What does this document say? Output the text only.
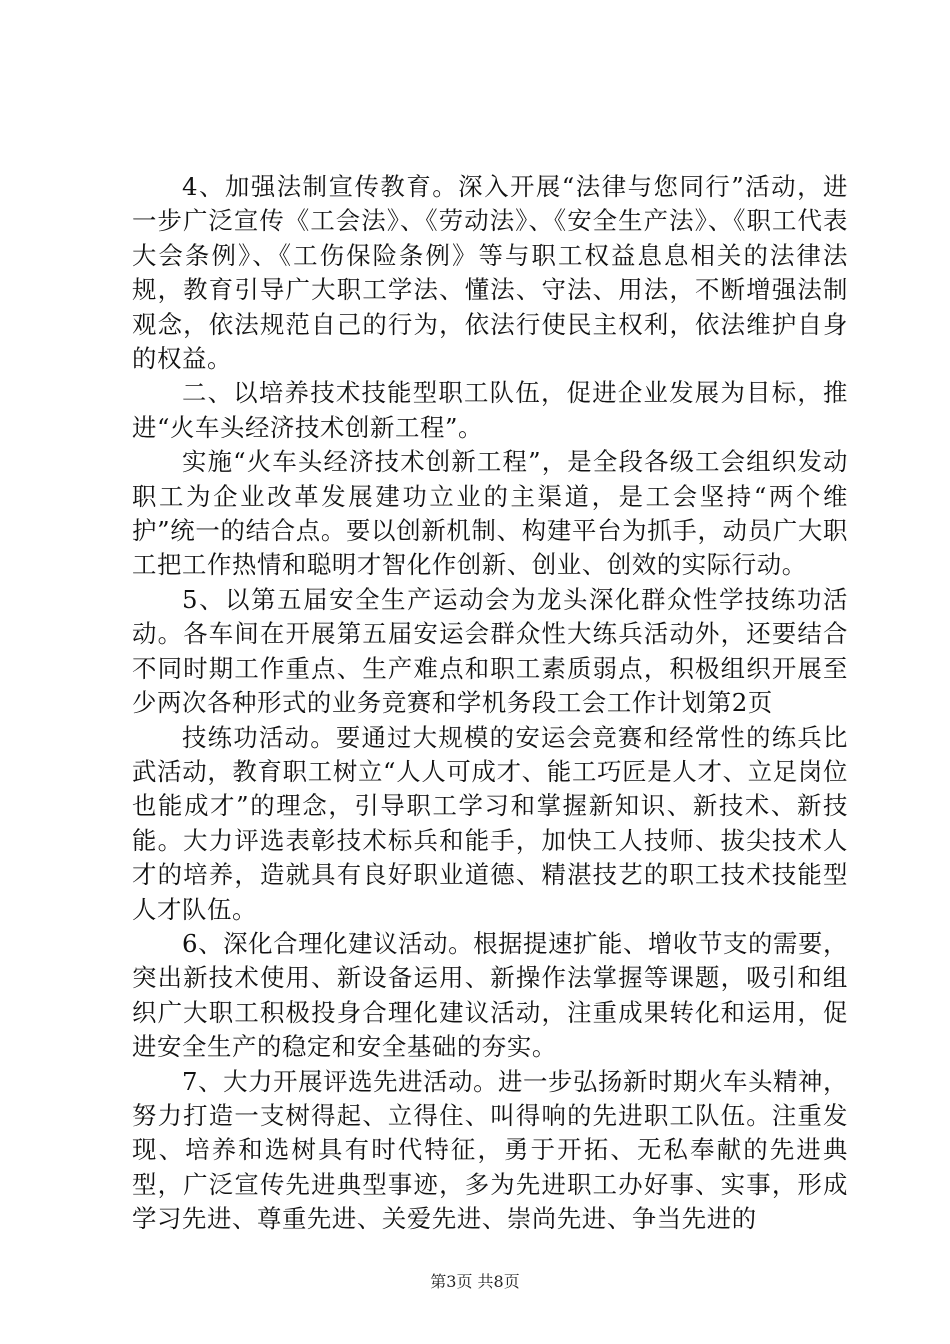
4、加强法制宣传教育。深入开展“法律与您同行”活动，进一步广泛宣传《工会法》、《劳动法》、《安全生产法》、《职工代表大会条例》、《工伤保险条例》等与职工权益息息相关的法律法规，教育引导广大职工学法、懂法、守法、用法，不断增强法制观念，依法规范自己的行为，依法行使民主权利，依法维护自身的权益。

二、以培养技术技能型职工队伍，促进企业发展为目标，推进“火车头经济技术创新工程”。

实施“火车头经济技术创新工程”，是全段各级工会组织发动职工为企业改革发展建功立业的主渠道，是工会坚持“两个维护”统一的结合点。要以创新机制、构建平台为抓手，动员广大职工把工作热情和聪明才智化作创新、创业、创效的实际行动。

5、以第五届安全生产运动会为龙头深化群众性学技练功活动。各车间在开展第五届安运会群众性大练兵活动外，还要结合不同时期工作重点、生产难点和职工素质弱点，积极组织开展至少两次各种形式的业务竞赛和学机务段工会工作计划第2页

技练功活动。要通过大规模的安运会竞赛和经常性的练兵比武活动，教育职工树立“人人可成才、能工巧匠是人才、立足岗位也能成才”的理念，引导职工学习和掌握新知识、新技术、新技能。大力评选表彰技术标兵和能手，加快工人技师、拔尖技术人才的培养，造就具有良好职业道德、精湛技艺的职工技术技能型人才队伍。

6、深化合理化建议活动。根据提速扩能、增收节支的需要，突出新技术使用、新设备运用、新操作法掌握等课题，吸引和组织广大职工积极投身合理化建议活动，注重成果转化和运用，促进安全生产的稳定和安全基础的夯实。

7、大力开展评选先进活动。进一步弘扬新时期火车头精神，努力打造一支树得起、立得住、叫得响的先进职工队伍。注重发现、培养和选树具有时代特征，勇于开拓、无私奉献的先进典型，广泛宣传先进典型事迹，多为先进职工办好事、实事，形成学习先进、尊重先进、关爱先进、崇尚先进、争当先进的

第3页 共8页
